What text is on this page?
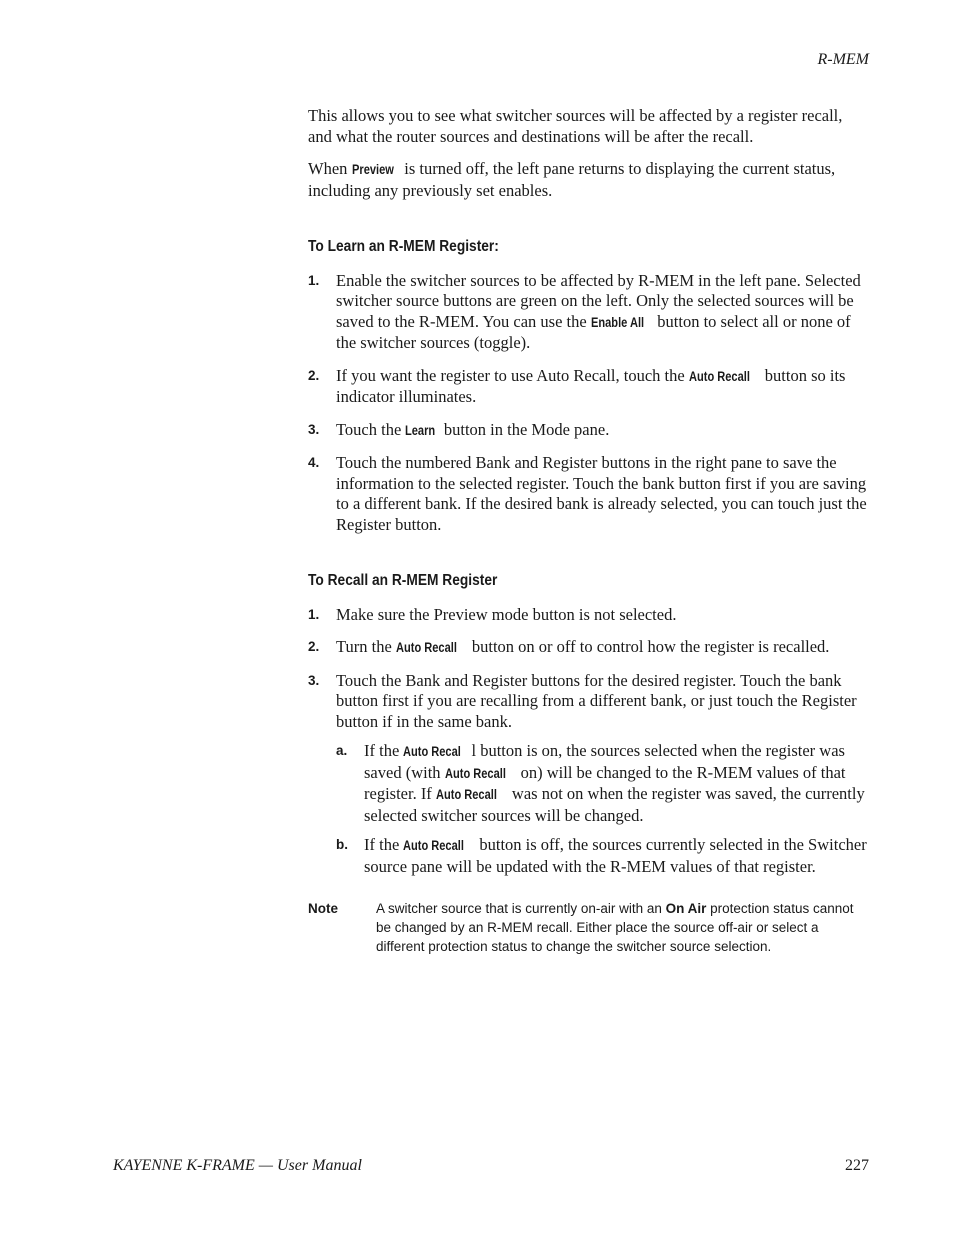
R-MEM

This allows you to see what switcher sources will be affected by a register recall, and what the router sources and destinations will be after the recall.

When Preview is turned off, the left pane returns to displaying the current status, including any previously set enables.

To Learn an R-MEM Register:
1. Enable the switcher sources to be affected by R-MEM in the left pane. Selected switcher source buttons are green on the left. Only the selected sources will be saved to the R-MEM. You can use the Enable All button to select all or none of the switcher sources (toggle).
2. If you want the register to use Auto Recall, touch the Auto Recall button so its indicator illuminates.
3. Touch the Learn button in the Mode pane.
4. Touch the numbered Bank and Register buttons in the right pane to save the information to the selected register. Touch the bank button first if you are saving to a different bank. If the desired bank is already selected, you can touch just the Register button.
To Recall an R-MEM Register
1. Make sure the Preview mode button is not selected.
2. Turn the Auto Recall button on or off to control how the register is recalled.
3. Touch the Bank and Register buttons for the desired register. Touch the bank button first if you are recalling from a different bank, or just touch the Register button if in the same bank.
a. If the Auto Recal l button is on, the sources selected when the register was saved (with Auto Recall on) will be changed to the R-MEM values of that register. If Auto Recall was not on when the register was saved, the currently selected switcher sources will be changed.
b. If the Auto Recall button is off, the sources currently selected in the Switcher source pane will be updated with the R-MEM values of that register.
Note	A switcher source that is currently on-air with an On Air protection status cannot be changed by an R-MEM recall. Either place the source off-air or select a different protection status to change the switcher source selection.
KAYENNE K-FRAME — User Manual	227
